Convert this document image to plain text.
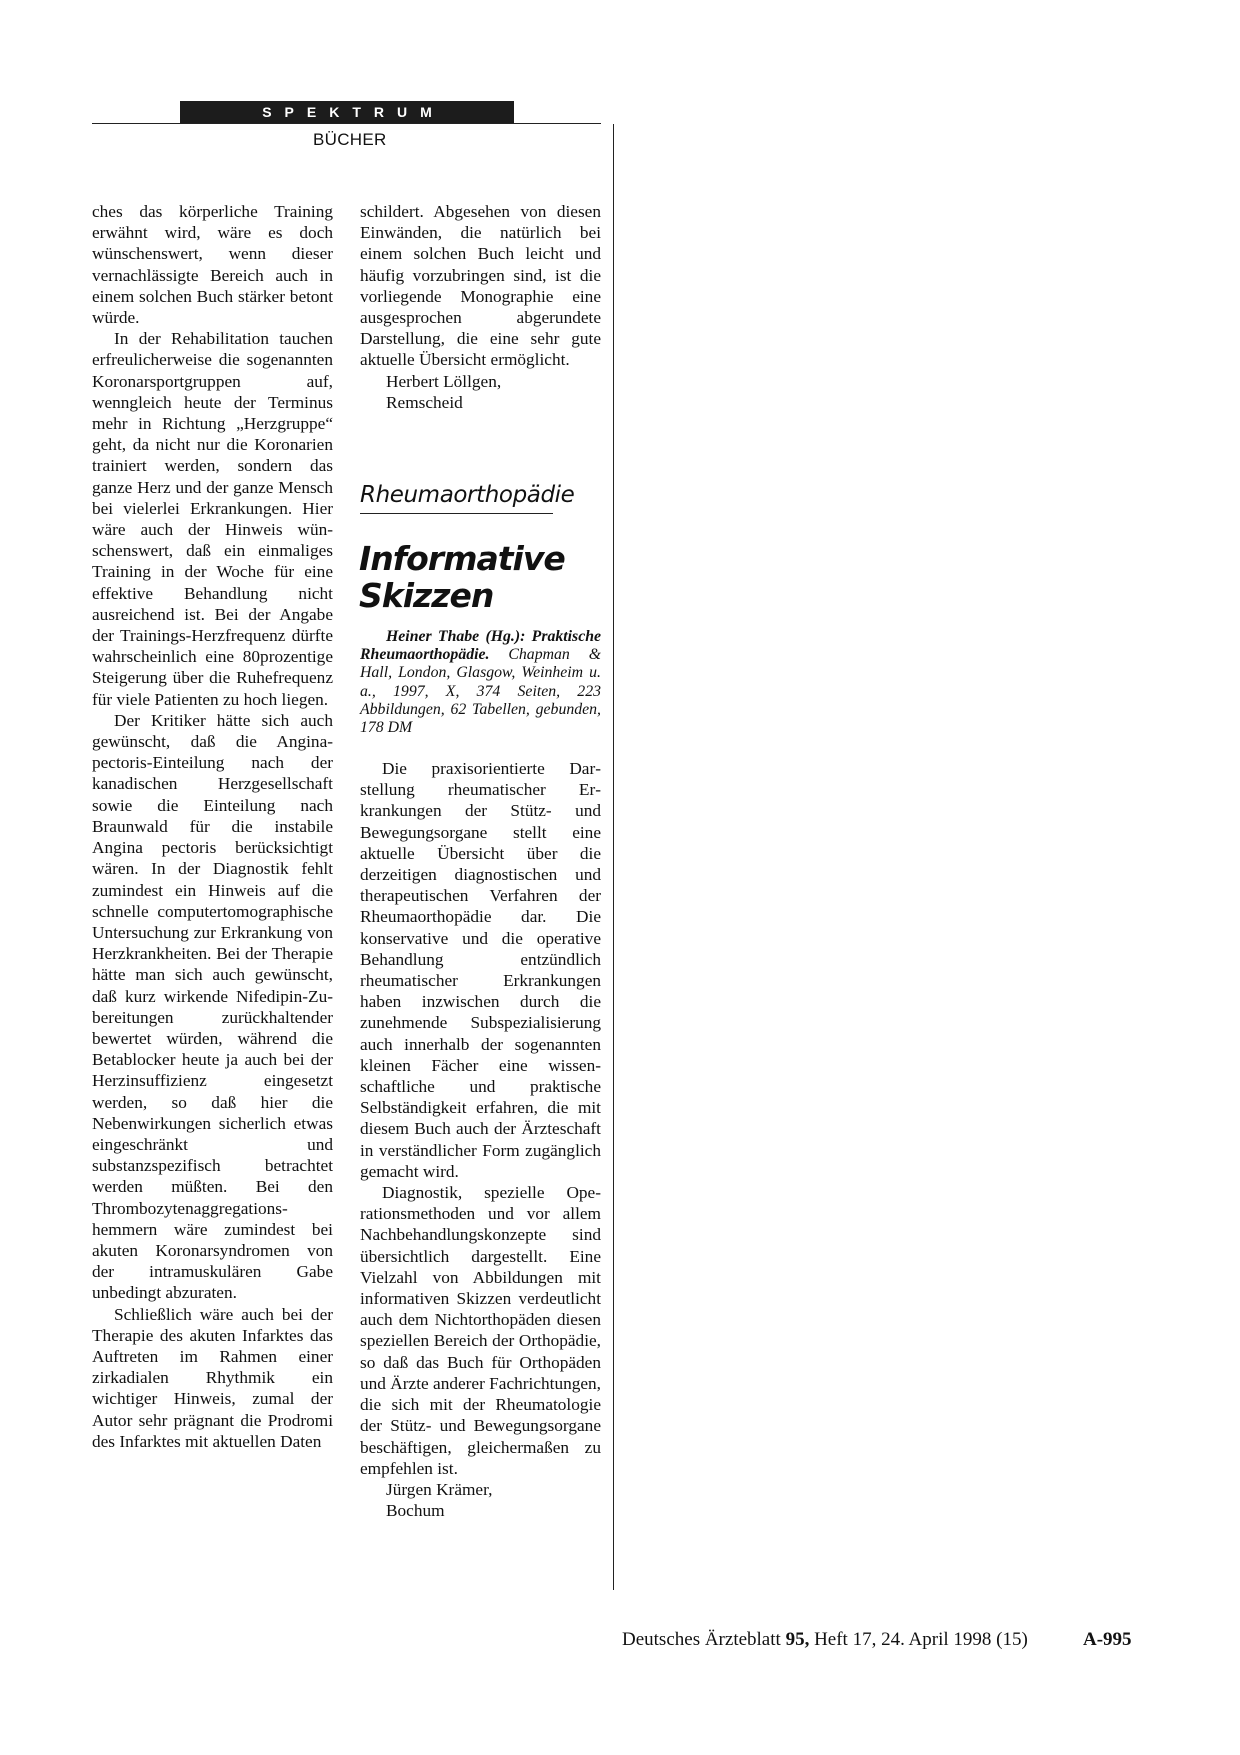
SPEKTRUM
BÜCHER

ches das körperliche Training erwähnt wird, wäre es doch wünschenswert, wenn dieser vernachlässigte Bereich auch in einem solchen Buch stärker betont würde.

In der Rehabilitation tauchen erfreulicherweise die sogenannten Koronarsportgruppen auf, wenngleich heute der Terminus mehr in Richtung „Herzgruppe“ geht, da nicht nur die Koronarien trainiert werden, sondern das ganze Herz und der ganze Mensch bei vielerlei Erkrankungen. Hier wäre auch der Hinweis wünschenswert, daß ein einmaliges Training in der Woche für eine effektive Behandlung nicht ausreichend ist. Bei der Angabe der Trainings-Herzfrequenz dürfte wahrscheinlich eine 80prozentige Steigerung über die Ruhefrequenz für viele Patienten zu hoch liegen.

Der Kritiker hätte sich auch gewünscht, daß die Angina-pectoris-Einteilung nach der kanadischen Herzgesellschaft sowie die Einteilung nach Braunwald für die instabile Angina pectoris berücksichtigt wären. In der Diagnostik fehlt zumindest ein Hinweis auf die schnelle computertomographische Untersuchung zur Erkrankung von Herzkrankheiten. Bei der Therapie hätte man sich auch gewünscht, daß kurz wirkende Nifedipin-Zubereitungen zurückhaltender bewertet würden, während die Betablocker heute ja auch bei der Herzinsuffizienz eingesetzt werden, so daß hier die Nebenwirkungen sicherlich etwas eingeschränkt und substanzspezifisch betrachtet werden müßten. Bei den Thrombozytenaggregationshemmern wäre zumindest bei akuten Koronarsyndromen von der intramuskulären Gabe unbedingt abzuraten.

Schließlich wäre auch bei der Therapie des akuten Infarktes das Auftreten im Rahmen einer zirkadialen Rhythmik ein wichtiger Hinweis, zumal der Autor sehr prägnant die Prodromi des Infarktes mit aktuellen Daten

schildert. Abgesehen von diesen Einwänden, die natürlich bei einem solchen Buch leicht und häufig vorzubringen sind, ist die vorliegende Monographie eine ausgesprochen abgerundete Darstellung, die eine sehr gute aktuelle Übersicht ermöglicht.

Herbert Löllgen,

Remscheid

Rheumaorthopädie
Informative
Skizzen
Heiner Thabe (Hg.): Praktische Rheumaorthopädie. Chapman & Hall, London, Glasgow, Weinheim u. a., 1997, X, 374 Seiten, 223 Abbildungen, 62 Tabellen, gebunden, 178 DM

Die praxisorientierte Darstellung rheumatischer Erkrankungen der Stütz- und Bewegungsorgane stellt eine aktuelle Übersicht über die derzeitigen diagnostischen und therapeutischen Verfahren der Rheumaorthopädie dar. Die konservative und die operative Behandlung entzündlich rheumatischer Erkrankungen haben inzwischen durch die zunehmende Subspezialisierung auch innerhalb der sogenannten kleinen Fächer eine wissenschaftliche und praktische Selbständigkeit erfahren, die mit diesem Buch auch der Ärzteschaft in verständlicher Form zugänglich gemacht wird.

Diagnostik, spezielle Operationsmethoden und vor allem Nachbehandlungskonzepte sind übersichtlich dargestellt. Eine Vielzahl von Abbildungen mit informativen Skizzen verdeutlicht auch dem Nichtorthopäden diesen speziellen Bereich der Orthopädie, so daß das Buch für Orthopäden und Ärzte anderer Fachrichtungen, die sich mit der Rheumatologie der Stütz- und Bewegungsorgane beschäftigen, gleichermaßen zu empfehlen ist.

Jürgen Krämer,

Bochum

Deutsches Ärzteblatt 95, Heft 17, 24. April 1998 (15)	A-995
